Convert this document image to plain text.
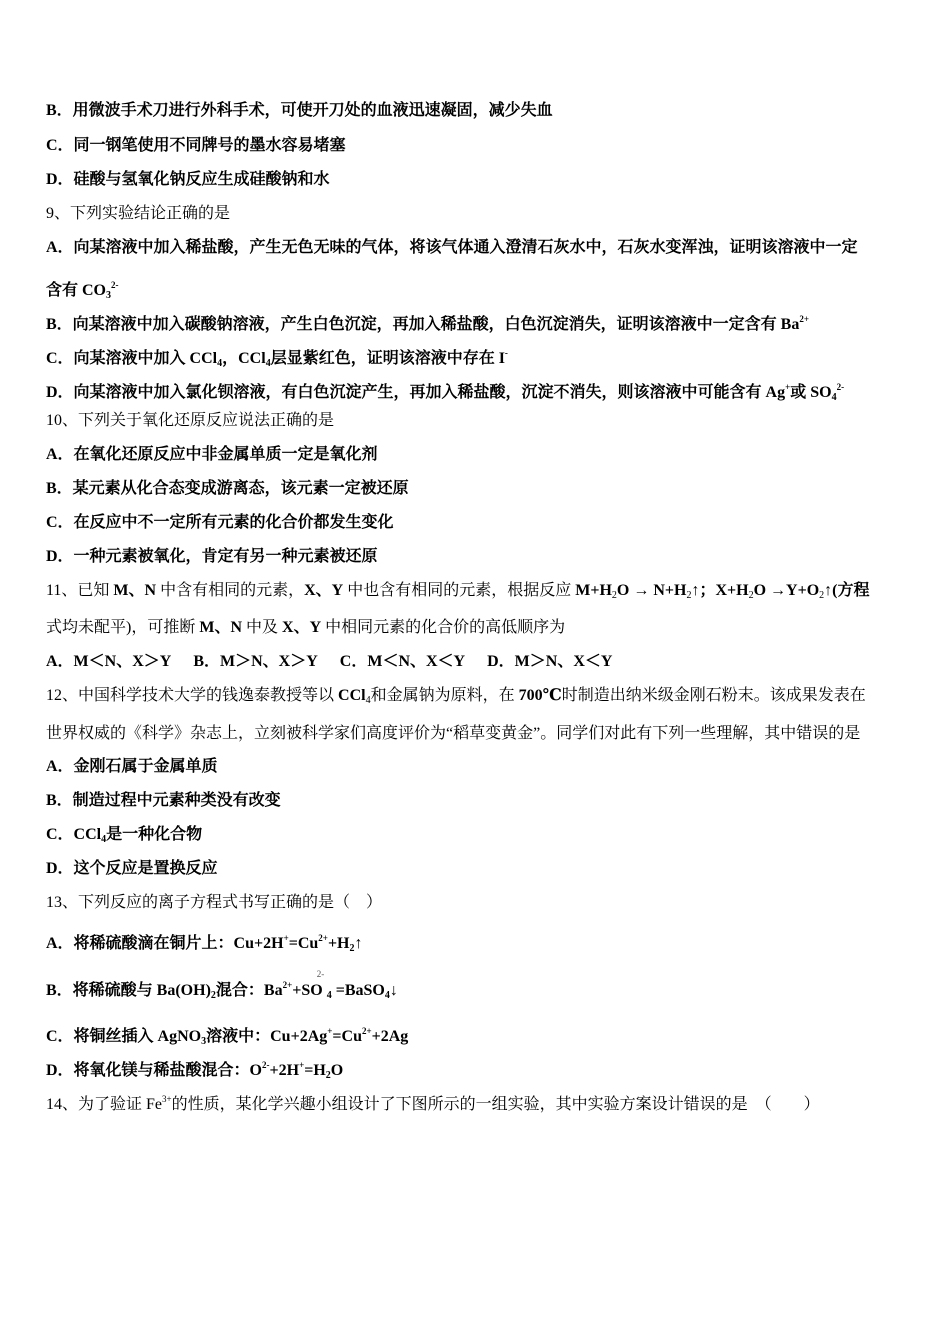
B．用微波手术刀进行外科手术，可使开刀处的血液迅速凝固，减少失血
C．同一钢笔使用不同牌号的墨水容易堵塞
D．硅酸与氢氧化钠反应生成硅酸钠和水
9、下列实验结论正确的是
A．向某溶液中加入稀盐酸，产生无色无味的气体，将该气体通入澄清石灰水中，石灰水变浑浊，证明该溶液中一定
含有 $CO_3^{2-}$
B．向某溶液中加入碳酸钠溶液，产生白色沉淀，再加入稀盐酸，白色沉淀消失，证明该溶液中一定含有 $Ba^{2+}$
C．向某溶液中加入 CCl$_4$，CCl$_4$层显紫红色，证明该溶液中存在 I-
D．向某溶液中加入氯化钡溶液，有白色沉淀产生，再加入稀盐酸，沉淀不消失，则该溶液中可能含有 Ag+或 $SO_4^{2-}$
10、下列关于氧化还原反应说法正确的是
A．在氧化还原反应中非金属单质一定是氧化剂
B．某元素从化合态变成游离态，该元素一定被还原
C．在反应中不一定所有元素的化合价都发生变化
D．一种元素被氧化，肯定有另一种元素被还原
11、已知 M、N 中含有相同的元素，X、Y 中也含有相同的元素，根据反应 $M+H_2O$ → $N+H_2↑$；$X+H_2O$ $\to Y+O_2↑$(方程
式均未配平)，可推断 M、N 中及 X、Y 中相同元素的化合价的高低顺序为
A．M＜N、X＞Y B．M＞N、X＞Y C．M＜N、X＜Y D．M＞N、X＜Y
12、中国科学技术大学的钱逸泰教授等以 CCl$_4$和金属钠为原料，在 700℃时制造出纳米级金刚石粉末。该成果发表在
世界权威的《科学》杂志上，立刻被科学家们高度评价为“稻草变黄金”。同学们对此有下列一些理解，其中错误的是
A．金刚石属于金属单质
B．制造过程中元素种类没有改变
C．CCl$_4$是一种化合物
D．这个反应是置换反应
13、下列反应的离子方程式书写正确的是（　）
A．将稀硫酸滴在铜片上：$Cu+2H^+=Cu^{2+}+H_2↑$
B．将稀硫酸与 $Ba(OH)_2$混合：$Ba^{2+}+SO$ $2-_4$ =BaSO$_4$↓
C．将铜丝插入 AgNO$_3$溶液中：$Cu+2Ag^+=Cu^{2+}+2Ag$
D．将氧化镁与稀盐酸混合：$O^{2-}+2H^+=H_2O$
14、为了验证 $Fe^{3+}$的性质，某化学兴趣小组设计了下图所示的一组实验，其中实验方案设计错误的是　（　　）
